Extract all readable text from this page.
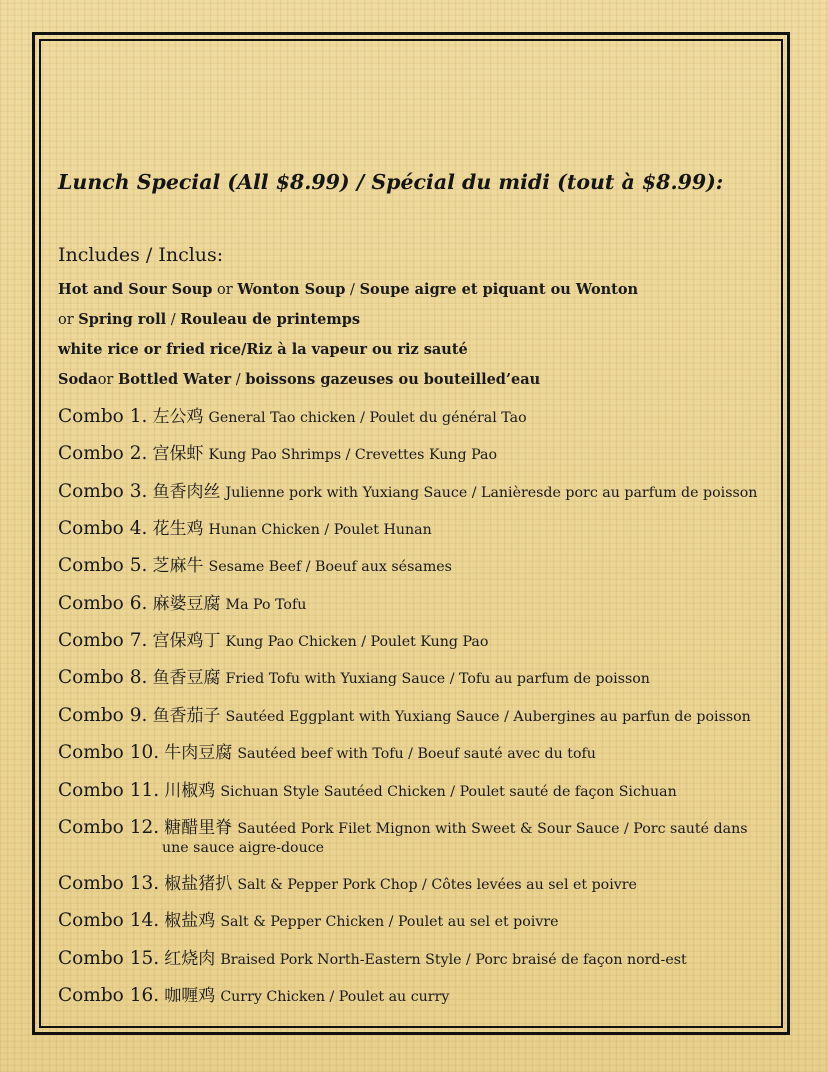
Lunch Special (All $8.99) / Spécial du midi (tout à $8.99):

Includes / Inclus:

Hot and Sour Soup or Wonton Soup / Soupe aigre et piquant ou Wonton

or Spring roll / Rouleau de printemps

white rice or fried rice/Riz à la vapeur ou riz sauté

Sodaor Bottled Water / boissons gazeuses ou bouteilled’eau

Combo 1. 左公鸡 General Tao chicken / Poulet du général Tao
Combo 2. 宫保虾 Kung Pao Shrimps / Crevettes Kung Pao
Combo 3. 鱼香肉丝 Julienne pork with Yuxiang Sauce / Lanièresde porc au parfum de poisson
Combo 4. 花生鸡 Hunan Chicken / Poulet Hunan
Combo 5. 芝麻牛 Sesame Beef / Boeuf aux sésames
Combo 6. 麻婆豆腐 Ma Po Tofu
Combo 7. 宫保鸡丁 Kung Pao Chicken / Poulet Kung Pao
Combo 8. 鱼香豆腐 Fried Tofu with Yuxiang Sauce / Tofu au parfum de poisson
Combo 9. 鱼香茄子 Sautéed Eggplant with Yuxiang Sauce / Aubergines au parfun de poisson
Combo 10. 牛肉豆腐 Sautéed beef with Tofu / Boeuf sauté avec du tofu
Combo 11. 川椒鸡 Sichuan Style Sautéed Chicken / Poulet sauté de façon Sichuan
Combo 12. 糖醋里脊 Sautéed Pork Filet Mignon with Sweet & Sour Sauce / Porc sauté dans
une sauce aigre-douce
Combo 13. 椒盐猪扒 Salt & Pepper Pork Chop / Côtes levées au sel et poivre
Combo 14. 椒盐鸡 Salt & Pepper Chicken / Poulet au sel et poivre
Combo 15. 红烧肉 Braised Pork North-Eastern Style / Porc braisé de façon nord-est
Combo 16. 咖喱鸡 Curry Chicken / Poulet au curry
